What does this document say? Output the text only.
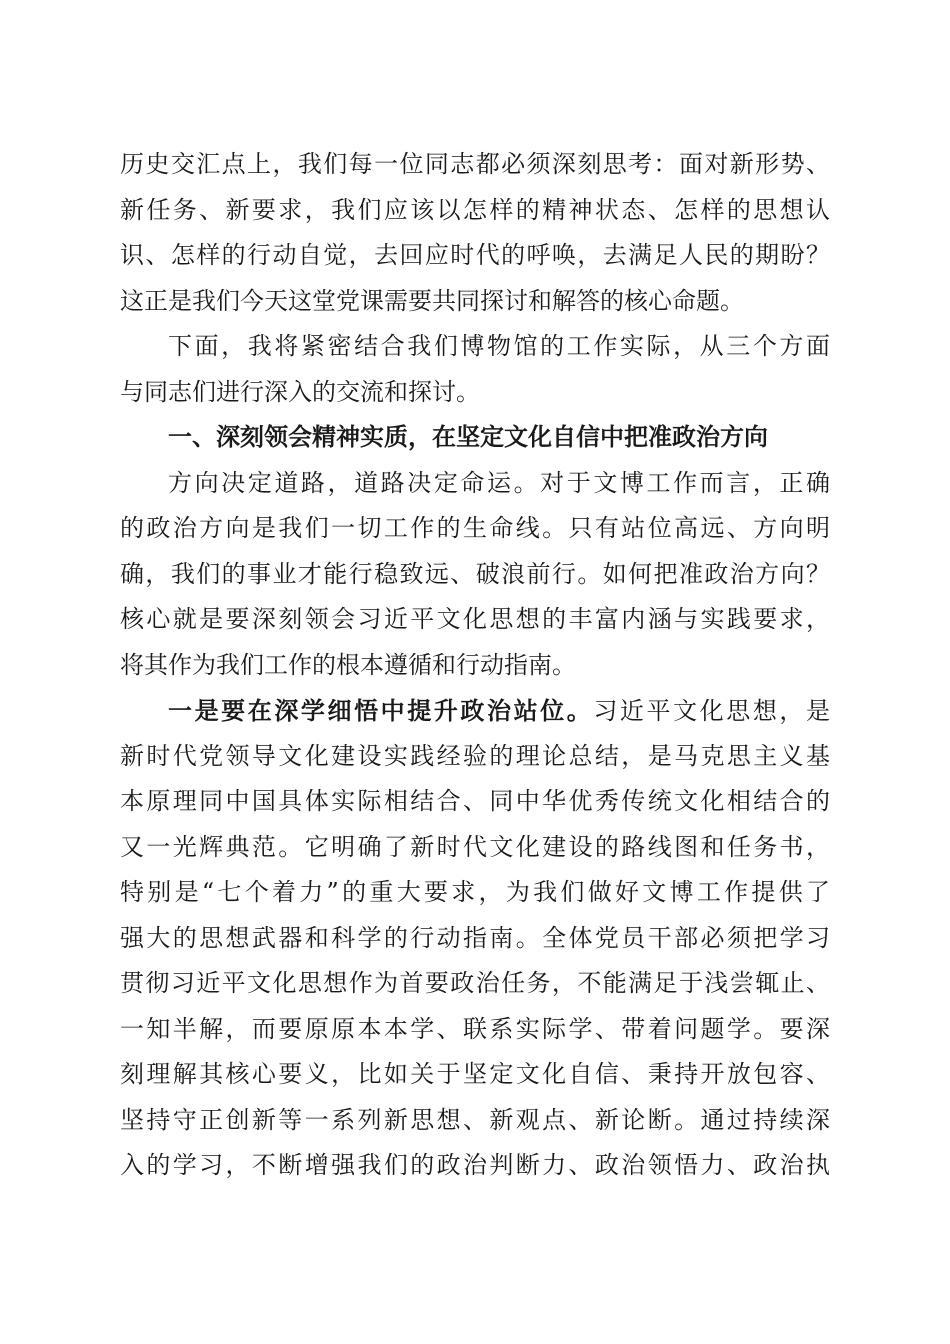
历史交汇点上，我们每一位同志都必须深刻思考：面对新形势、
新任务、新要求，我们应该以怎样的精神状态、怎样的思想认
识、怎样的行动自觉，去回应时代的呼唤，去满足人民的期盼？
这正是我们今天这堂党课需要共同探讨和解答的核心命题。
下面，我将紧密结合我们博物馆的工作实际，从三个方面
与同志们进行深入的交流和探讨。
一、深刻领会精神实质，在坚定文化自信中把准政治方向
方向决定道路，道路决定命运。对于文博工作而言，正确
的政治方向是我们一切工作的生命线。只有站位高远、方向明
确，我们的事业才能行稳致远、破浪前行。如何把准政治方向？
核心就是要深刻领会习近平文化思想的丰富内涵与实践要求，
将其作为我们工作的根本遵循和行动指南。
一是要在深学细悟中提升政治站位。习近平文化思想，是
新时代党领导文化建设实践经验的理论总结，是马克思主义基
本原理同中国具体实际相结合、同中华优秀传统文化相结合的
又一光辉典范。它明确了新时代文化建设的路线图和任务书，
特别是“七个着力”的重大要求，为我们做好文博工作提供了
强大的思想武器和科学的行动指南。全体党员干部必须把学习
贯彻习近平文化思想作为首要政治任务，不能满足于浅尝辄止、
一知半解，而要原原本本学、联系实际学、带着问题学。要深
刻理解其核心要义，比如关于坚定文化自信、秉持开放包容、
坚持守正创新等一系列新思想、新观点、新论断。通过持续深
入的学习，不断增强我们的政治判断力、政治领悟力、政治执
